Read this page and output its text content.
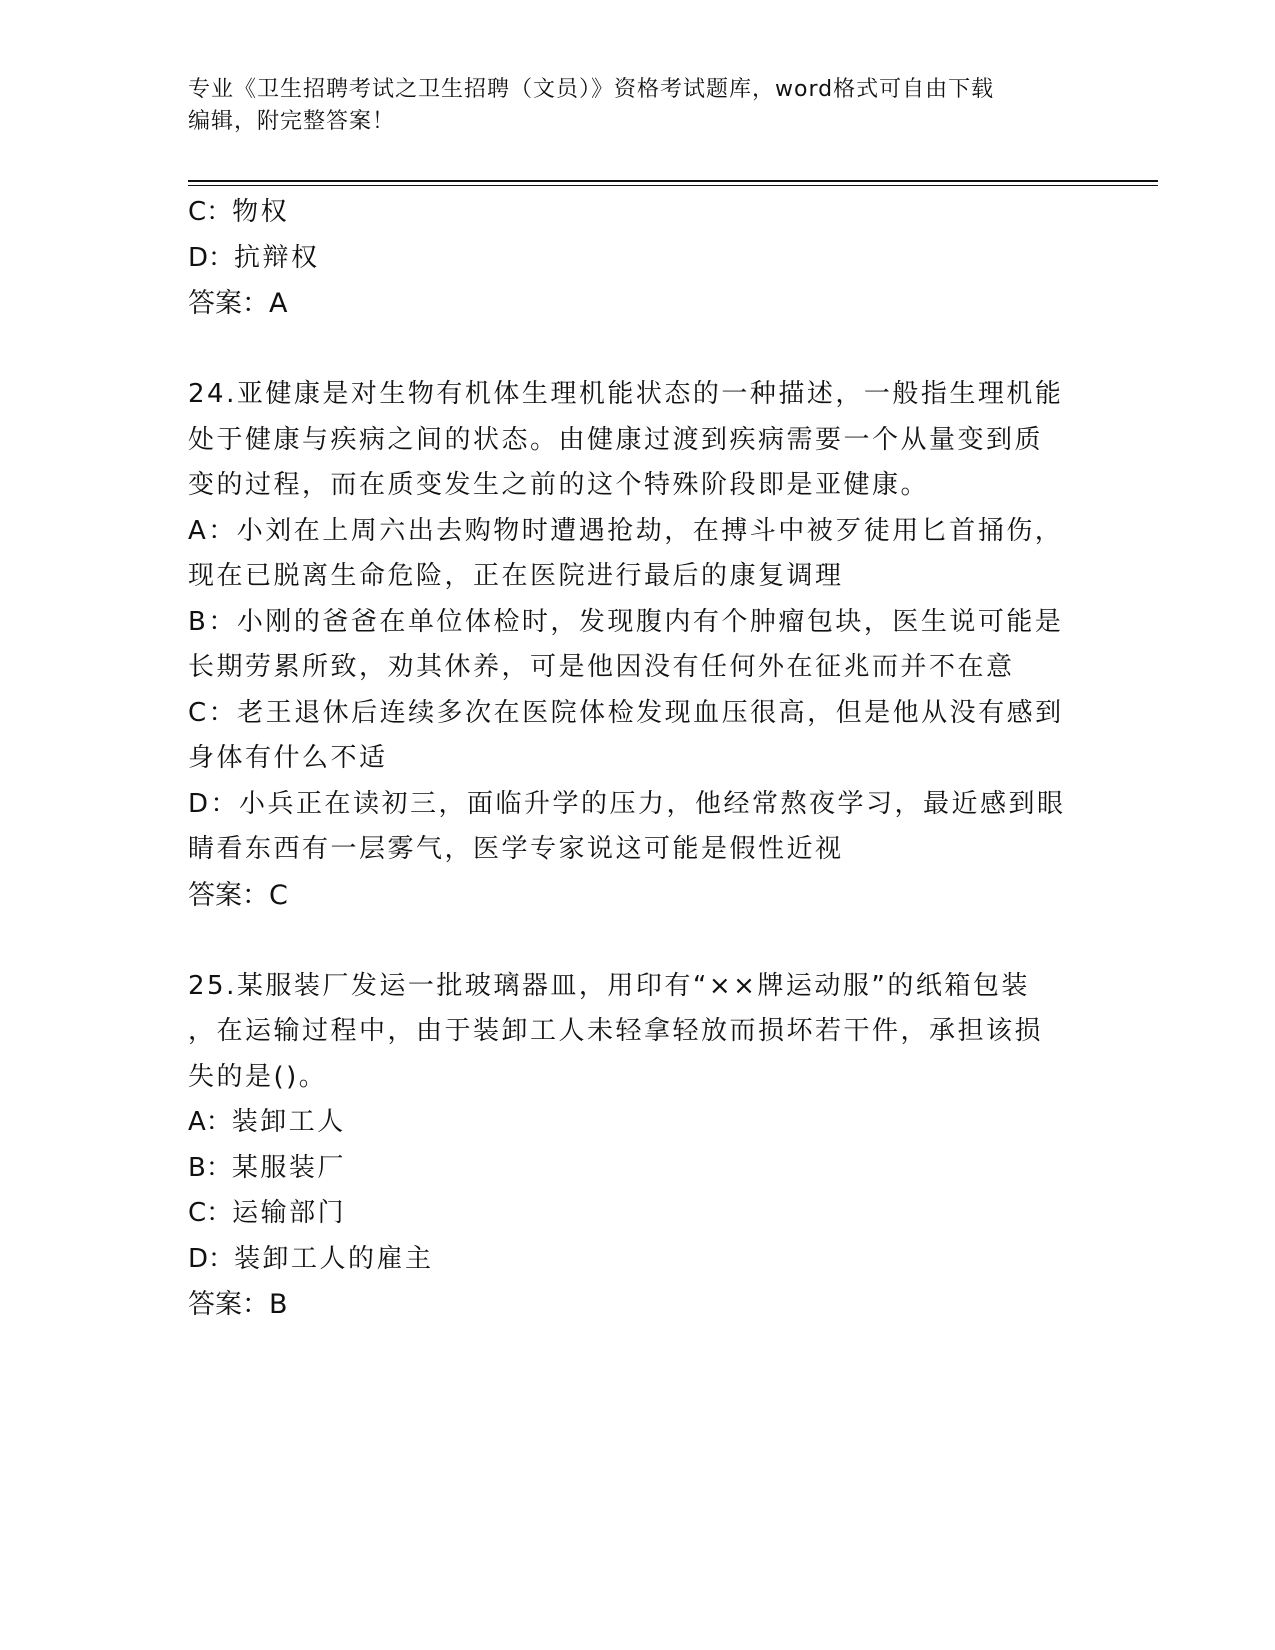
专业《卫生招聘考试之卫生招聘（文员）》资格考试题库，word格式可自由下载
编辑，附完整答案！
C：物权
D：抗辩权
答案：A
24.亚健康是对生物有机体生理机能状态的一种描述，一般指生理机能
处于健康与疾病之间的状态。由健康过渡到疾病需要一个从量变到质
变的过程，而在质变发生之前的这个特殊阶段即是亚健康。
A：小刘在上周六出去购物时遭遇抢劫，在搏斗中被歹徒用匕首捅伤，
现在已脱离生命危险，正在医院进行最后的康复调理
B：小刚的爸爸在单位体检时，发现腹内有个肿瘤包块，医生说可能是
长期劳累所致，劝其休养，可是他因没有任何外在征兆而并不在意
C：老王退休后连续多次在医院体检发现血压很高，但是他从没有感到
身体有什么不适
D：小兵正在读初三，面临升学的压力，他经常熬夜学习，最近感到眼
睛看东西有一层雾气，医学专家说这可能是假性近视
答案：C
25.某服装厂发运一批玻璃器皿，用印有“××牌运动服”的纸箱包装
，在运输过程中，由于装卸工人未轻拿轻放而损坏若干件，承担该损
失的是()。
A：装卸工人
B：某服装厂
C：运输部门
D：装卸工人的雇主
答案：B
